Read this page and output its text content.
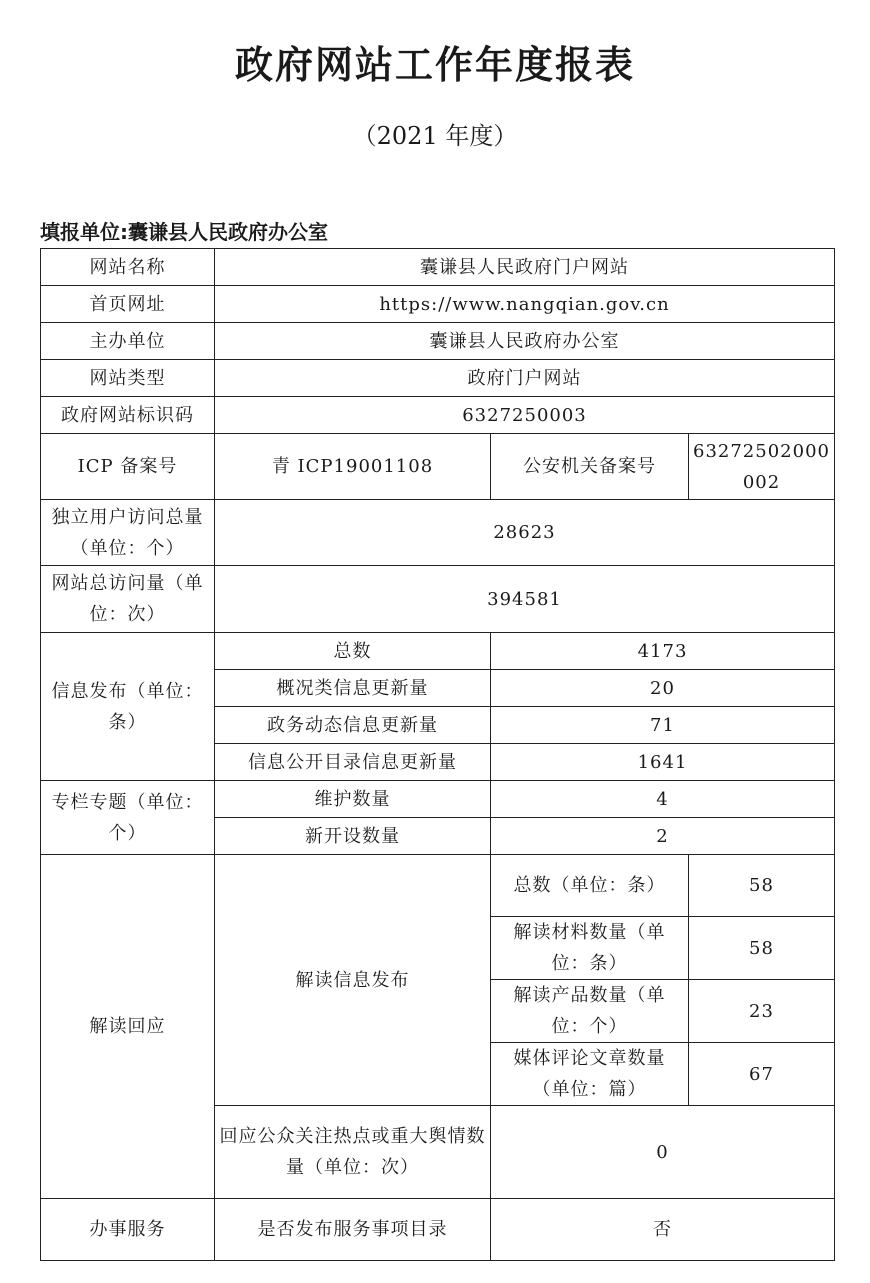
政府网站工作年度报表

（2021 年度）

填报单位:囊谦县人民政府办公室

网站名称	囊谦县人民政府门户网站		
首页网址	https://www.nangqian.gov.cn		
主办单位	囊谦县人民政府办公室		
网站类型	政府门户网站		
政府网站标识码	6327250003		
ICP 备案号	青 ICP19001108	公安机关备案号	63272502000002
独立用户访问总量（单位：个）	28623		
网站总访问量（单位：次）	394581		
信息发布（单位：条）	总数	4173	
	概况类信息更新量	20	
	政务动态信息更新量	71	
	信息公开目录信息更新量	1641	
专栏专题（单位：个）	维护数量	4	
	新开设数量	2	
解读回应	解读信息发布	总数（单位：条）	58
		解读材料数量（单位：条）	58
		解读产品数量（单位：个）	23
		媒体评论文章数量（单位：篇）	67
	回应公众关注热点或重大舆情数量（单位：次）	0	
办事服务	是否发布服务事项目录	否	
